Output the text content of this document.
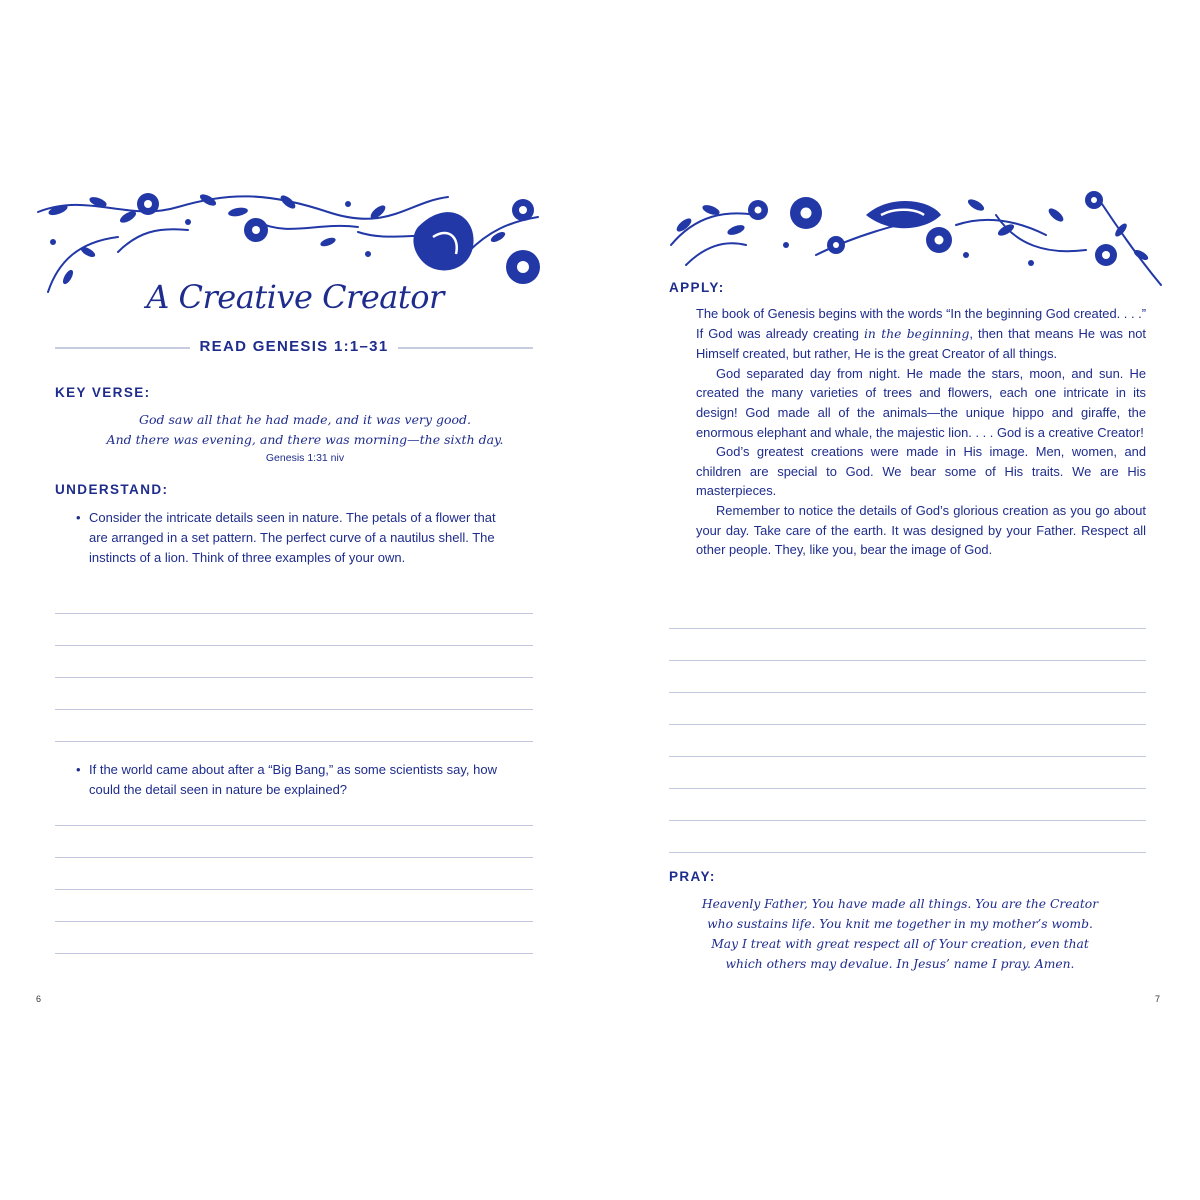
A Creative Creator
READ GENESIS 1:1–31
KEY VERSE:
God saw all that he had made, and it was very good.
And there was evening, and there was morning—the sixth day.
Genesis 1:31 niv
UNDERSTAND:
• Consider the intricate details seen in nature. The petals of a flower that are arranged in a set pattern. The perfect curve of a nautilus shell. The instincts of a lion. Think of three examples of your own.
• If the world came about after a “Big Bang,” as some scientists say, how could the detail seen in nature be explained?
6
APPLY:
7

The book of Genesis begins with the words “In the beginning God created. . . .” If God was already creating in the beginning, then that means He was not Himself created, but rather, He is the great Creator of all things.

God separated day from night. He made the stars, moon, and sun. He created the many varieties of trees and flowers, each one intricate in its design! God made all of the animals—the unique hippo and giraffe, the enormous elephant and whale, the majestic lion. . . . God is a creative Creator!

God’s greatest creations were made in His image. Men, women, and children are special to God. We bear some of His traits. We are His masterpieces.

Remember to notice the details of God’s glorious creation as you go about your day. Take care of the earth. It was designed by your Father. Respect all other people. They, like you, bear the image of God.

PRAY:
Heavenly Father, You have made all things. You are the Creator
who sustains life. You knit me together in my mother’s womb.
May I treat with great respect all of Your creation, even that
which others may devalue. In Jesus’ name I pray. Amen.
